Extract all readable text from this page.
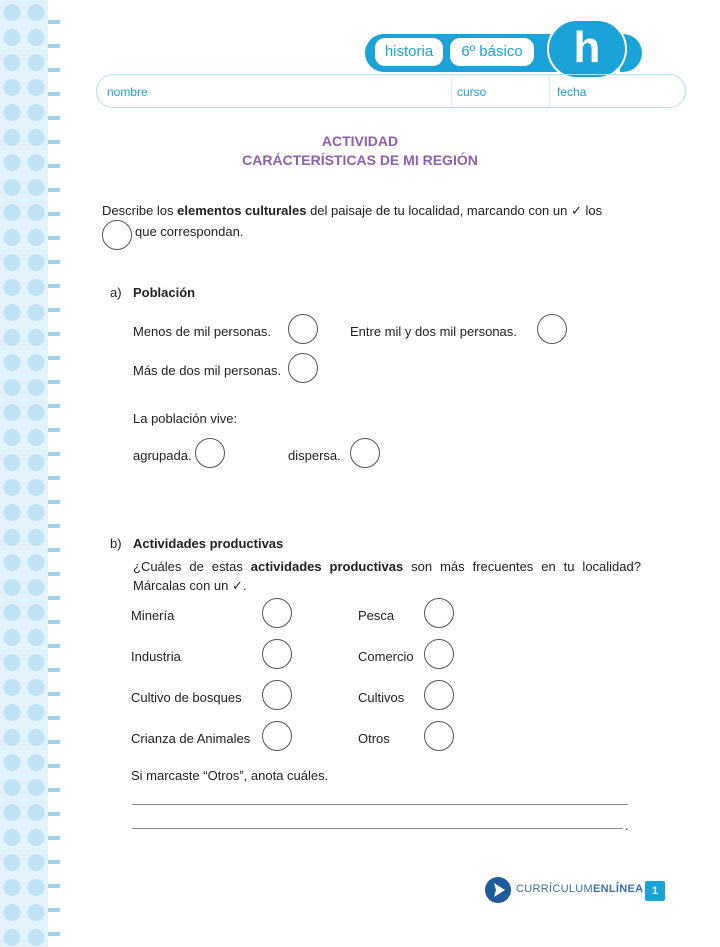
historia	6º básico	h
nombre	curso	fecha
ACTIVIDAD
CARÁCTERÍSTICAS DE MI REGIÓN
Describe los elementos culturales del paisaje de tu localidad, marcando con un ✓ los
que correspondan.
a) Población
Menos de mil personas.	Entre mil y dos mil personas.
Más de dos mil personas.
La población vive:
agrupada.	dispersa.
b) Actividades productivas
¿Cuáles de estas actividades productivas son más frecuentes en tu localidad?
Márcalas con un ✓.
Minería	Pesca
Industria	Comercio
Cultivo de bosques	Cultivos
Crianza de Animales	Otros
Si marcaste “Otros”, anota cuáles.
.
CURRÍCULUMENLÍNEA 1
